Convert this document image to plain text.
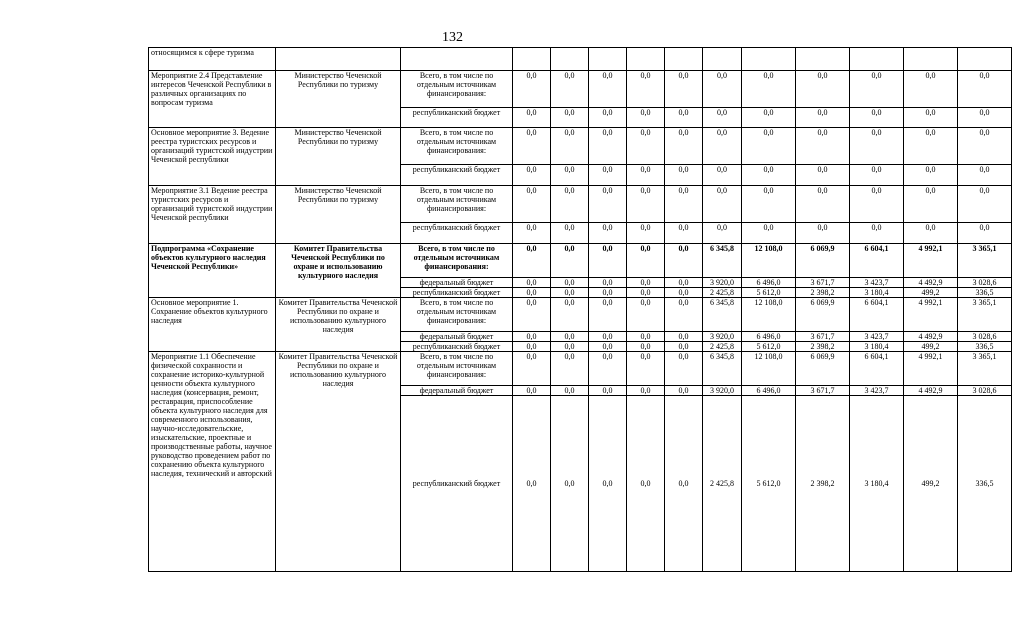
132
относящимся к сфере туризма													
Мероприятие 2.4 Представление интересов Чеченской Республики в различных организациях по вопросам туризма	Министерство Чеченской Республики по туризму	Всего, в том числе по отдельным источникам финансирования:	0,0	0,0	0,0	0,0	0,0	0,0	0,0	0,0	0,0	0,0	0,0
		республиканский бюджет	0,0	0,0	0,0	0,0	0,0	0,0	0,0	0,0	0,0	0,0	0,0
Основное мероприятие 3. Ведение реестра туристских ресурсов и организаций туристской индустрии Чеченской республики	Министерство Чеченской Республики по туризму	Всего, в том числе по отдельным источникам финансирования:	0,0	0,0	0,0	0,0	0,0	0,0	0,0	0,0	0,0	0,0	0,0
		республиканский бюджет	0,0	0,0	0,0	0,0	0,0	0,0	0,0	0,0	0,0	0,0	0,0
Мероприятие 3.1 Ведение реестра туристских ресурсов и организаций туристской индустрии Чеченской республики	Министерство Чеченской Республики по туризму	Всего, в том числе по отдельным источникам финансирования:	0,0	0,0	0,0	0,0	0,0	0,0	0,0	0,0	0,0	0,0	0,0
		республиканский бюджет	0,0	0,0	0,0	0,0	0,0	0,0	0,0	0,0	0,0	0,0	0,0
Подпрограмма «Сохранение объектов культурного наследия Чеченской Республики»	Комитет Правительства Чеченской Республики по охране и использованию культурного наследия	Всего, в том числе по отдельным источникам финансирования:	0,0	0,0	0,0	0,0	0,0	6 345,8	12 108,0	6 069,9	6 604,1	4 992,1	3 365,1
		федеральный бюджет	0,0	0,0	0,0	0,0	0,0	3 920,0	6 496,0	3 671,7	3 423,7	4 492,9	3 028,6
		республиканский бюджет	0,0	0,0	0,0	0,0	0,0	2 425,8	5 612,0	2 398,2	3 180,4	499,2	336,5
Основное мероприятие 1. Сохранение объектов культурного наследия	Комитет Правительства Чеченской Республики по охране и использованию культурного наследия	Всего, в том числе по отдельным источникам финансирования:	0,0	0,0	0,0	0,0	0,0	6 345,8	12 108,0	6 069,9	6 604,1	4 992,1	3 365,1
		федеральный бюджет	0,0	0,0	0,0	0,0	0,0	3 920,0	6 496,0	3 671,7	3 423,7	4 492,9	3 028,6
		республиканский бюджет	0,0	0,0	0,0	0,0	0,0	2 425,8	5 612,0	2 398,2	3 180,4	499,2	336,5
Мероприятие 1.1 Обеспечение физической сохранности и сохранение историко-культурной ценности объекта культурного наследия (консервация, ремонт, реставрация, приспособление объекта культурного наследия для современного использования, научно-исследовательские, изыскательские, проектные и производственные работы, научное руководство проведением работ по сохранению объекта культурного наследия, технический и авторский	Комитет Правительства Чеченской Республики по охране и использованию культурного наследия	Всего, в том числе по отдельным источникам финансирования:	0,0	0,0	0,0	0,0	0,0	6 345,8	12 108,0	6 069,9	6 604,1	4 992,1	3 365,1
		федеральный бюджет	0,0	0,0	0,0	0,0	0,0	3 920,0	6 496,0	3 671,7	3 423,7	4 492,9	3 028,6
		республиканский бюджет	0,0	0,0	0,0	0,0	0,0	2 425,8	5 612,0	2 398,2	3 180,4	499,2	336,5
